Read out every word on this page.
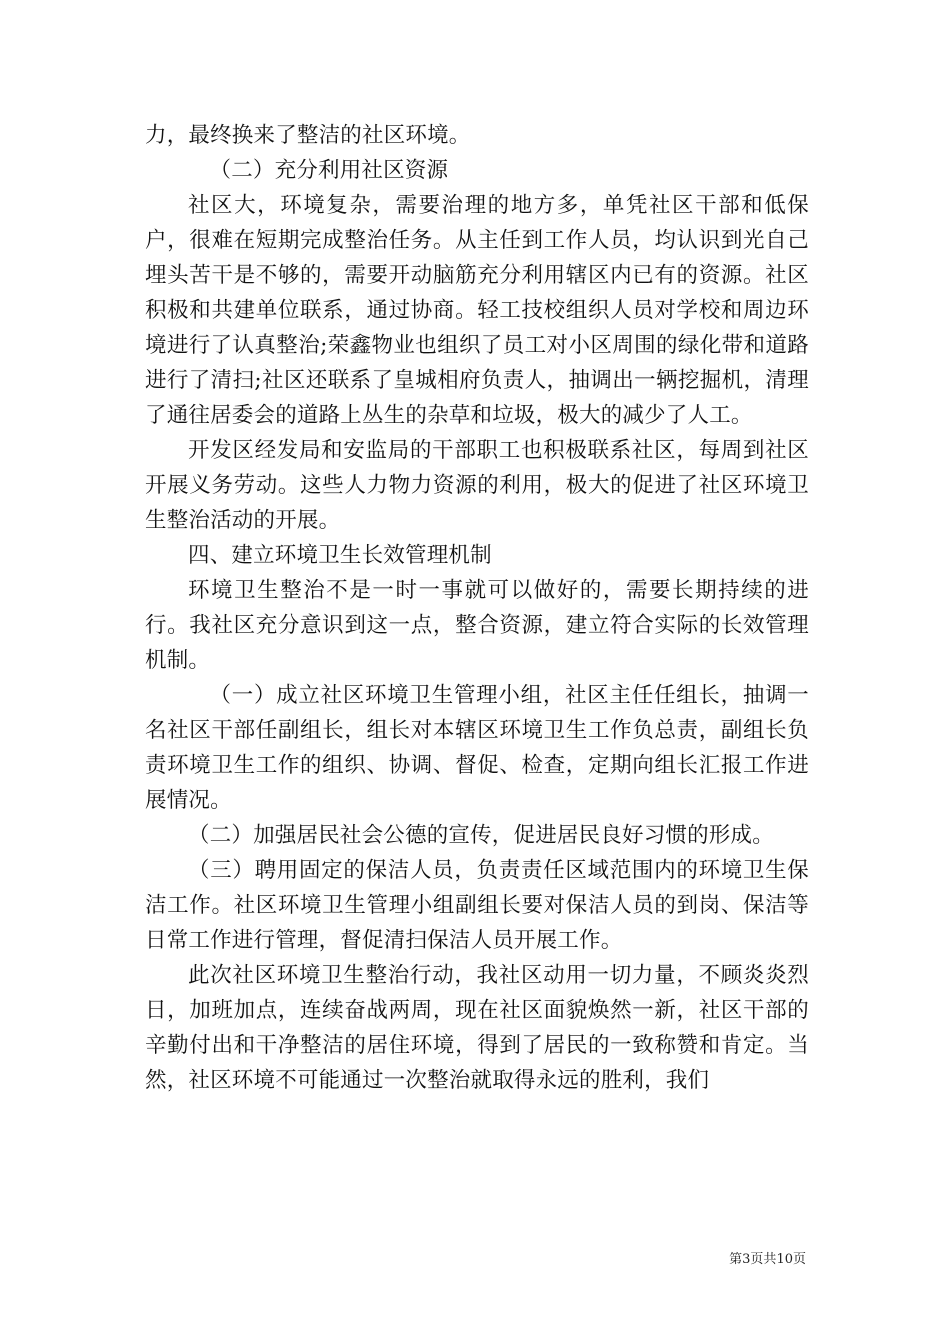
力，最终换来了整洁的社区环境。

（二）充分利用社区资源

社区大，环境复杂，需要治理的地方多，单凭社区干部和低保户，很难在短期完成整治任务。从主任到工作人员，均认识到光自己埋头苦干是不够的，需要开动脑筋充分利用辖区内已有的资源。社区积极和共建单位联系，通过协商。轻工技校组织人员对学校和周边环境进行了认真整治;荣鑫物业也组织了员工对小区周围的绿化带和道路进行了清扫;社区还联系了皇城相府负责人，抽调出一辆挖掘机，清理了通往居委会的道路上丛生的杂草和垃圾，极大的减少了人工。

开发区经发局和安监局的干部职工也积极联系社区，每周到社区开展义务劳动。这些人力物力资源的利用，极大的促进了社区环境卫生整治活动的开展。

四、建立环境卫生长效管理机制

环境卫生整治不是一时一事就可以做好的，需要长期持续的进行。我社区充分意识到这一点，整合资源，建立符合实际的长效管理机制。

（一）成立社区环境卫生管理小组，社区主任任组长，抽调一名社区干部任副组长，组长对本辖区环境卫生工作负总责，副组长负责环境卫生工作的组织、协调、督促、检查，定期向组长汇报工作进展情况。

（二）加强居民社会公德的宣传，促进居民良好习惯的形成。

（三）聘用固定的保洁人员，负责责任区域范围内的环境卫生保洁工作。社区环境卫生管理小组副组长要对保洁人员的到岗、保洁等日常工作进行管理，督促清扫保洁人员开展工作。

此次社区环境卫生整治行动，我社区动用一切力量，不顾炎炎烈日，加班加点，连续奋战两周，现在社区面貌焕然一新，社区干部的辛勤付出和干净整洁的居住环境，得到了居民的一致称赞和肯定。当然，社区环境不可能通过一次整治就取得永远的胜利，我们

第3页共10页
